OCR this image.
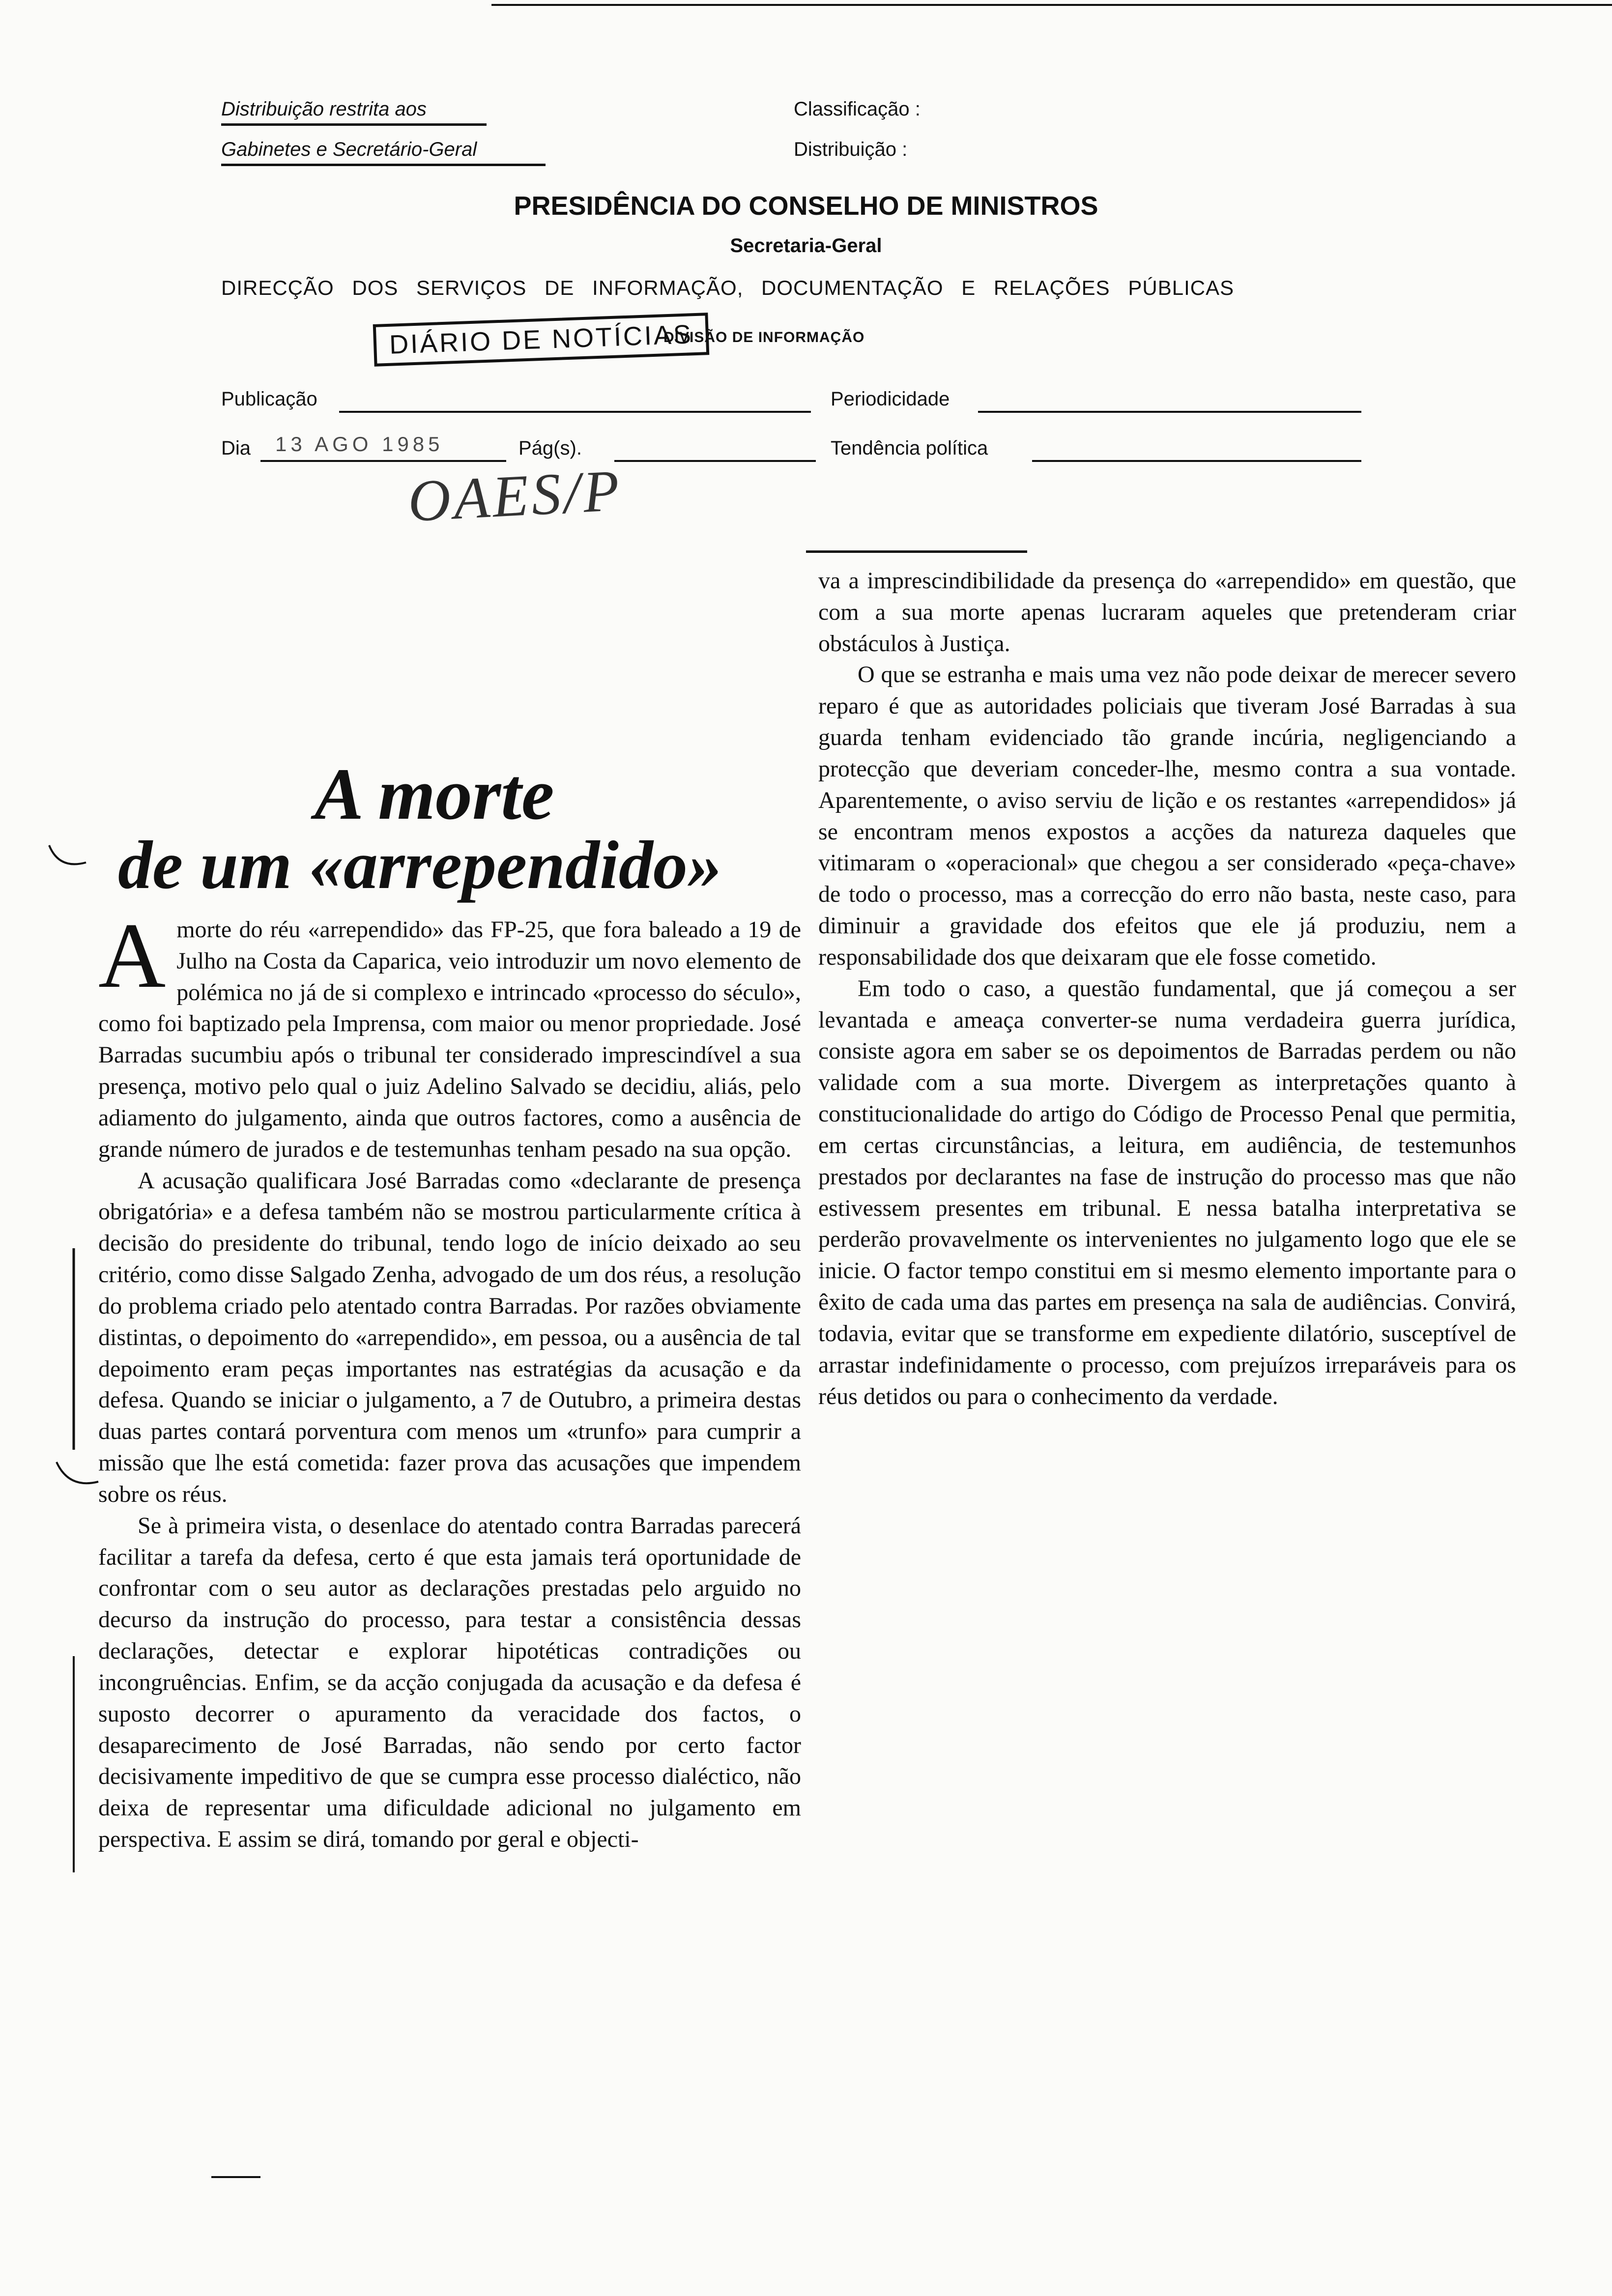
Distribuição restrita aos
Gabinetes e Secretário-Geral
Classificação :
Distribuição :
PRESIDÊNCIA DO CONSELHO DE MINISTROS
Secretaria-Geral
DIRECÇÃO DOS SERVIÇOS DE INFORMAÇÃO, DOCUMENTAÇÃO E RELAÇÕES PÚBLICAS
DIÁRIO DE NOTÍCIAS
DIVISÃO DE INFORMAÇÃO
Publicação	Periodicidade
Dia 13 AGO 1985	Pág(s).	Tendência política
OAES/P
A morte
de um «arrependido»

Amorte do réu «arrependido» das FP-25, que fora baleado a 19 de Julho na Costa da Caparica, veio introduzir um novo elemento de polémica no já de si complexo e intrincado «processo do século», como foi baptizado pela Imprensa, com maior ou menor propriedade. José Barradas sucumbiu após o tribunal ter considerado imprescindível a sua presença, motivo pelo qual o juiz Adelino Salvado se decidiu, aliás, pelo adiamento do julgamento, ainda que outros factores, como a ausência de grande número de jurados e de testemunhas tenham pesado na sua opção.

A acusação qualificara José Barradas como «declarante de presença obrigatória» e a defesa também não se mostrou particularmente crítica à decisão do presidente do tribunal, tendo logo de início deixado ao seu critério, como disse Salgado Zenha, advogado de um dos réus, a resolução do problema criado pelo atentado contra Barradas. Por razões obviamente distintas, o depoimento do «arrependido», em pessoa, ou a ausência de tal depoimento eram peças importantes nas estratégias da acusação e da defesa. Quando se iniciar o julgamento, a 7 de Outubro, a primeira destas duas partes contará porventura com menos um «trunfo» para cumprir a missão que lhe está cometida: fazer prova das acusações que impendem sobre os réus.

Se à primeira vista, o desenlace do atentado contra Barradas parecerá facilitar a tarefa da defesa, certo é que esta jamais terá oportunidade de confrontar com o seu autor as declarações prestadas pelo arguido no decurso da instrução do processo, para testar a consistência dessas declarações, detectar e explorar hipotéticas contradições ou incongruências. Enfim, se da acção conjugada da acusação e da defesa é suposto decorrer o apuramento da veracidade dos factos, o desaparecimento de José Barradas, não sendo por certo factor decisivamente impeditivo de que se cumpra esse processo dialéctico, não deixa de representar uma dificuldade adicional no julgamento em perspectiva. E assim se dirá, tomando por geral e objecti-

va a imprescindibilidade da presença do «arrependido» em questão, que com a sua morte apenas lucraram aqueles que pretenderam criar obstáculos à Justiça.

O que se estranha e mais uma vez não pode deixar de merecer severo reparo é que as autoridades policiais que tiveram José Barradas à sua guarda tenham evidenciado tão grande incúria, negligenciando a protecção que deveriam conceder-lhe, mesmo contra a sua vontade. Aparentemente, o aviso serviu de lição e os restantes «arrependidos» já se encontram menos expostos a acções da natureza daqueles que vitimaram o «operacional» que chegou a ser considerado «peça-chave» de todo o processo, mas a correcção do erro não basta, neste caso, para diminuir a gravidade dos efeitos que ele já produziu, nem a responsabilidade dos que deixaram que ele fosse cometido.

Em todo o caso, a questão fundamental, que já começou a ser levantada e ameaça converter-se numa verdadeira guerra jurídica, consiste agora em saber se os depoimentos de Barradas perdem ou não validade com a sua morte. Divergem as interpretações quanto à constitucionalidade do artigo do Código de Processo Penal que permitia, em certas circunstâncias, a leitura, em audiência, de testemunhos prestados por declarantes na fase de instrução do processo mas que não estivessem presentes em tribunal. E nessa batalha interpretativa se perderão provavelmente os intervenientes no julgamento logo que ele se inicie. O factor tempo constitui em si mesmo elemento importante para o êxito de cada uma das partes em presença na sala de audiências. Convirá, todavia, evitar que se transforme em expediente dilatório, susceptível de arrastar indefinidamente o processo, com prejuízos irreparáveis para os réus detidos ou para o conhecimento da verdade.
